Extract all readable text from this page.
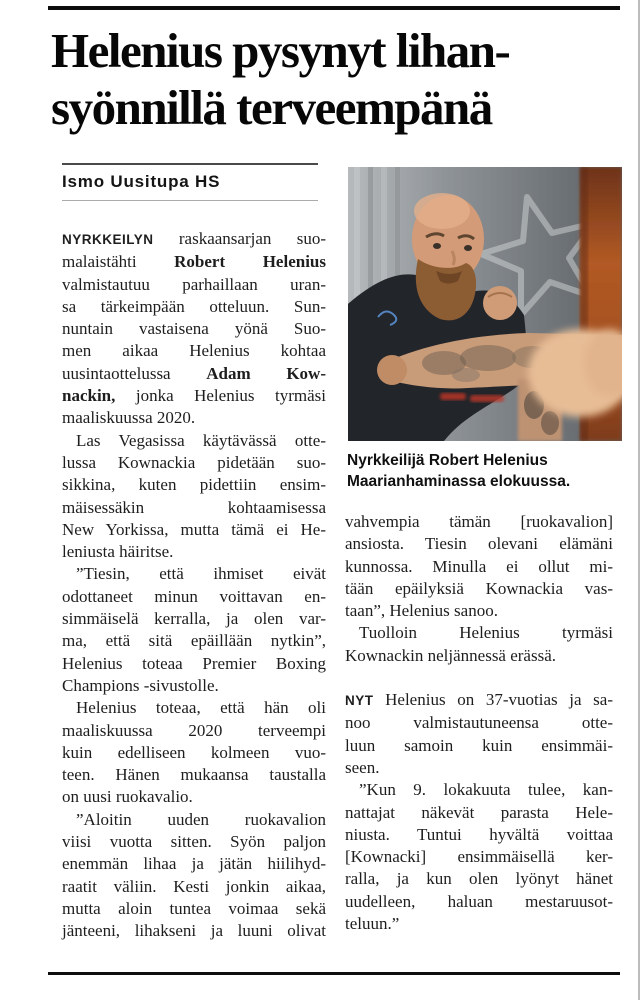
Helenius pysynyt lihan-
syönnillä terveempänä
Ismo Uusitupa HS
NYRKKEILYN raskaansarjan suo-
malaistähti Robert Helenius
valmistautuu parhaillaan uran-
sa tärkeimpään otteluun. Sun-
nuntain vastaisena yönä Suo-
men aikaa Helenius kohtaa
uusintaottelussa Adam Kow-
nackin, jonka Helenius tyrmäsi
maaliskuussa 2020.
Las Vegasissa käytävässä otte-
lussa Kownackia pidetään suo-
sikkina, kuten pidettiin ensim-
mäisessäkin kohtaamisessa
New Yorkissa, mutta tämä ei He-
leniusta häiritse.
”Tiesin, että ihmiset eivät
odottaneet minun voittavan en-
simmäiselä kerralla, ja olen var-
ma, että sitä epäillään nytkin”,
Helenius toteaa Premier Boxing
Champions -sivustolle.
Helenius toteaa, että hän oli
maaliskuussa 2020 terveempi
kuin edelliseen kolmeen vuo-
teen. Hänen mukaansa taustalla
on uusi ruokavalio.
”Aloitin uuden ruokavalion
viisi vuotta sitten. Syön paljon
enemmän lihaa ja jätän hiilihyd-
raatit väliin. Kesti jonkin aikaa,
mutta aloin tuntea voimaa sekä
jänteeni, lihakseni ja luuni olivat
Nyrkkeilijä Robert Helenius
Maarianhaminassa elokuussa.
vahvempia tämän [ruokavalion]
ansiosta. Tiesin olevani elämäni
kunnossa. Minulla ei ollut mi-
tään epäilyksiä Kownackia vas-
taan”, Helenius sanoo.
Tuolloin Helenius tyrmäsi
Kownackin neljännessä erässä.
NYT Helenius on 37-vuotias ja sa-
noo valmistautuneensa otte-
luun samoin kuin ensimmäi-
seen.
”Kun 9. lokakuuta tulee, kan-
nattajat näkevät parasta Hele-
niusta. Tuntui hyvältä voittaa
[Kownacki] ensimmäisellä ker-
ralla, ja kun olen lyönyt hänet
uudelleen, haluan mestaruusot-
teluun.”
